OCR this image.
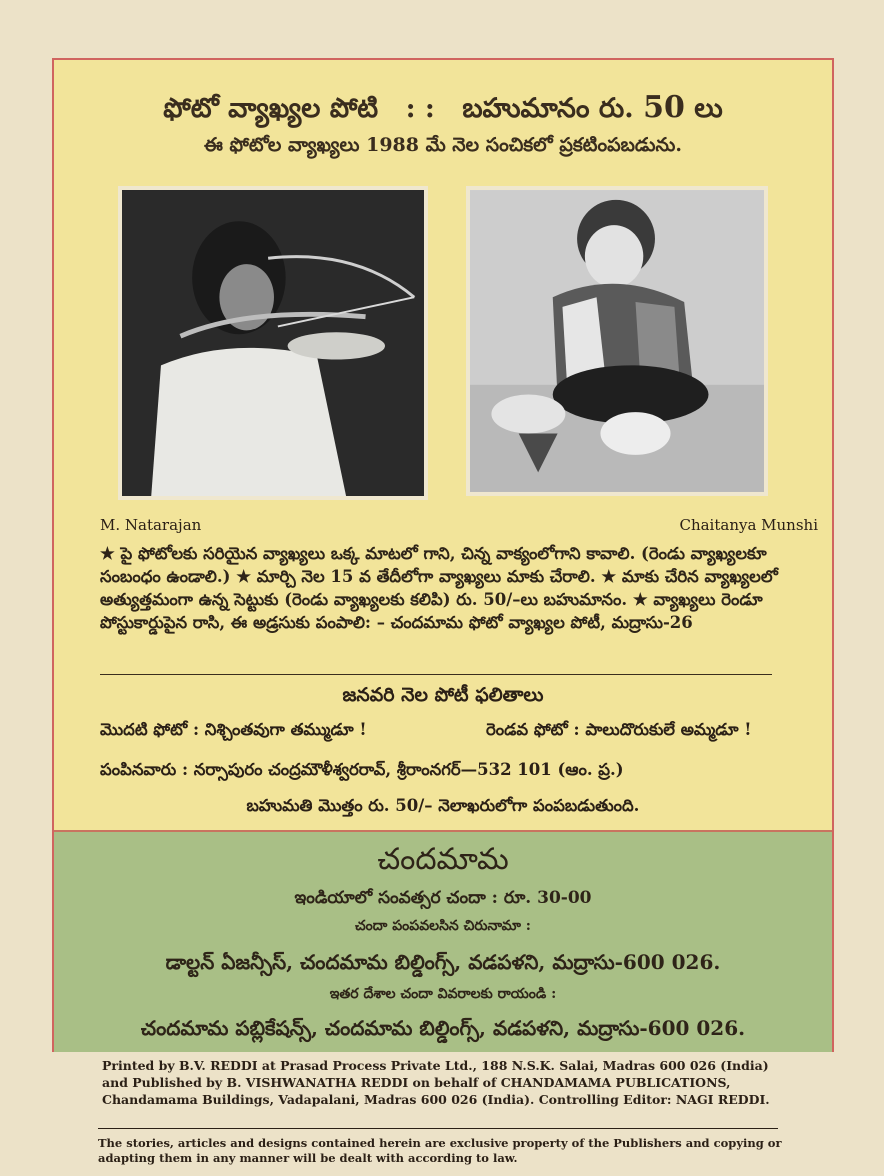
ఫోటో వ్యాఖ్యల పోటి : : బహుమానం రు. 50 లు
ఈ ఫోటోల వ్యాఖ్యలు 1988 మే నెల సంచికలో ప్రకటింపబడును.
M. Natarajan	Chaitanya Munshi
★ పై ఫోటోలకు సరియైన వ్యాఖ్యలు ఒక్క మాటలో గాని, చిన్న వాక్యంలోగాని కావాలి. (రెండు వ్యాఖ్యలకూ సంబంధం ఉండాలి.) ★ మార్చి నెల 15 వ తేదీలోగా వ్యాఖ్యలు మాకు చేరాలి. ★ మాకు చేరిన వ్యాఖ్యలలో అత్యుత్తమంగా ఉన్న సెట్టుకు (రెండు వ్యాఖ్యలకు కలిపి) రు. 50/–లు బహుమానం. ★ వ్యాఖ్యలు రెండూ పోస్టుకార్డుపైన రాసి, ఈ అడ్రసుకు పంపాలి: – చందమామ ఫోటో వ్యాఖ్యల పోటీ, మద్రాసు-26
జనవరి నెల పోటీ ఫలితాలు
మొదటి ఫోటో : నిశ్చింతవుగా తమ్ముడూ !	రెండవ ఫోటో : పాలుదొరుకులే అమ్మడూ !
పంపినవారు : నర్సాపురం చంద్రమౌళీశ్వరరావ్, శ్రీరాంనగర్—532 101 (ఆం. ప్ర.)
బహుమతి మొత్తం రు. 50/– నెలాఖరులోగా పంపబడుతుంది.
చందమామ
ఇండియాలో సంవత్సర చందా : రూ. 30-00
చందా పంపవలసిన చిరునామా :
డాల్టన్ ఏజన్సీస్, చందమామ బిల్డింగ్స్, వడపళని, మద్రాసు-600 026.
ఇతర దేశాల చందా వివరాలకు రాయండి :
చందమామ పబ్లికేషన్స్, చందమామ బిల్డింగ్స్, వడపళని, మద్రాసు-600 026.
Printed by B.V. REDDI at Prasad Process Private Ltd., 188 N.S.K. Salai, Madras 600 026 (India) and Published by B. VISHWANATHA REDDI on behalf of CHANDAMAMA PUBLICATIONS, Chandamama Buildings, Vadapalani, Madras 600 026 (India). Controlling Editor: NAGI REDDI.
The stories, articles and designs contained herein are exclusive property of the Publishers and copying or adapting them in any manner will be dealt with according to law.
